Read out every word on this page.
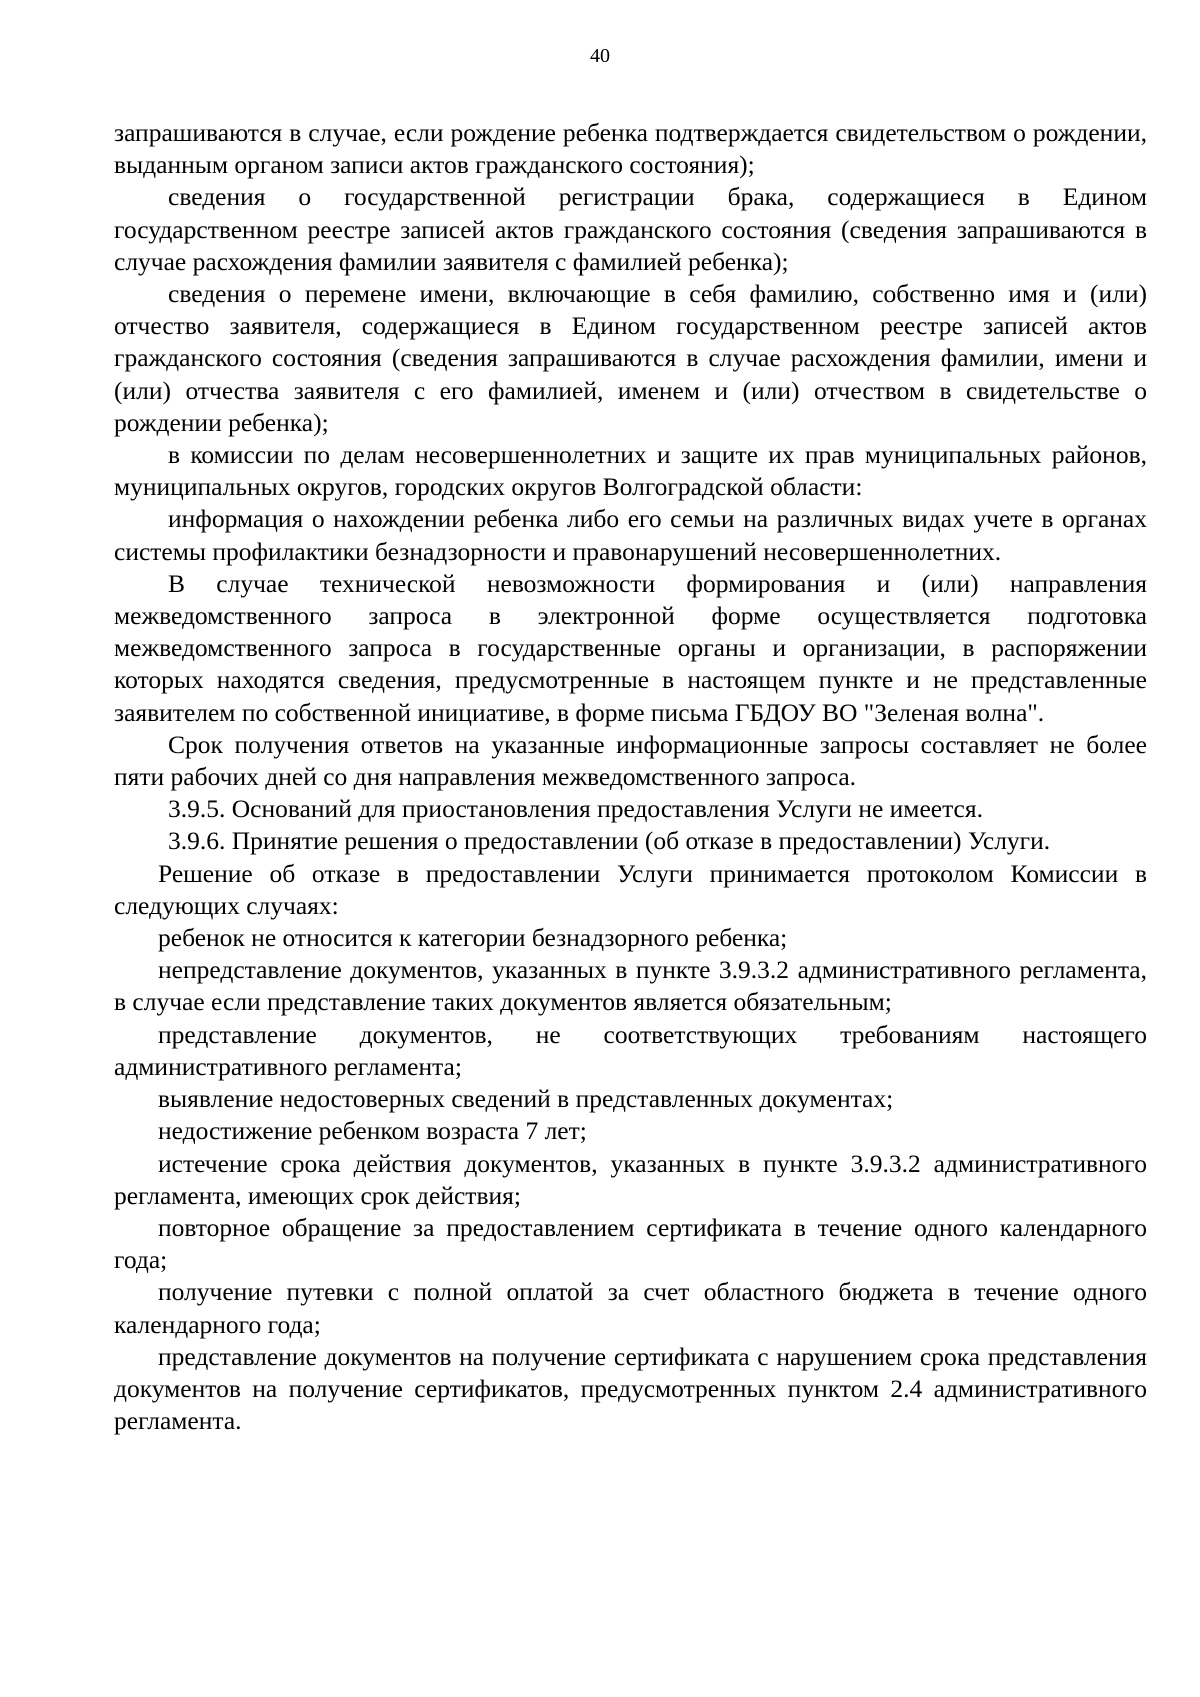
40

запрашиваются в случае, если рождение ребенка подтверждается свидетельством о рождении, выданным органом записи актов гражданского состояния);

сведения о государственной регистрации брака, содержащиеся в Едином государственном реестре записей актов гражданского состояния (сведения запрашиваются в случае расхождения фамилии заявителя с фамилией ребенка);

сведения о перемене имени, включающие в себя фамилию, собственно имя и (или) отчество заявителя, содержащиеся в Едином государственном реестре записей актов гражданского состояния (сведения запрашиваются в случае расхождения фамилии, имени и (или) отчества заявителя с его фамилией, именем и (или) отчеством в свидетельстве о рождении ребенка);

в комиссии по делам несовершеннолетних и защите их прав муниципальных районов, муниципальных округов, городских округов Волгоградской области:

информация о нахождении ребенка либо его семьи на различных видах учете в органах системы профилактики безнадзорности и правонарушений несовершеннолетних.

В случае технической невозможности формирования и (или) направления межведомственного запроса в электронной форме осуществляется подготовка межведомственного запроса в государственные органы и организации, в распоряжении которых находятся сведения, предусмотренные в настоящем пункте и не представленные заявителем по собственной инициативе, в форме письма ГБДОУ ВО "Зеленая волна".

Срок получения ответов на указанные информационные запросы составляет не более пяти рабочих дней со дня направления межведомственного запроса.

3.9.5. Оснований для приостановления предоставления Услуги не имеется.

3.9.6. Принятие решения о предоставлении (об отказе в предоставлении) Услуги.

Решение об отказе в предоставлении Услуги принимается протоколом Комиссии в следующих случаях:

ребенок не относится к категории безнадзорного ребенка;

непредставление документов, указанных в пункте 3.9.3.2 административного регламента, в случае если представление таких документов является обязательным;

представление документов, не соответствующих требованиям настоящего административного регламента;

выявление недостоверных сведений в представленных документах;

недостижение ребенком возраста 7 лет;

истечение срока действия документов, указанных в пункте 3.9.3.2 административного регламента, имеющих срок действия;

повторное обращение за предоставлением сертификата в течение одного календарного года;

получение путевки с полной оплатой за счет областного бюджета в течение одного календарного года;

представление документов на получение сертификата с нарушением срока представления документов на получение сертификатов, предусмотренных пунктом 2.4 административного регламента.
